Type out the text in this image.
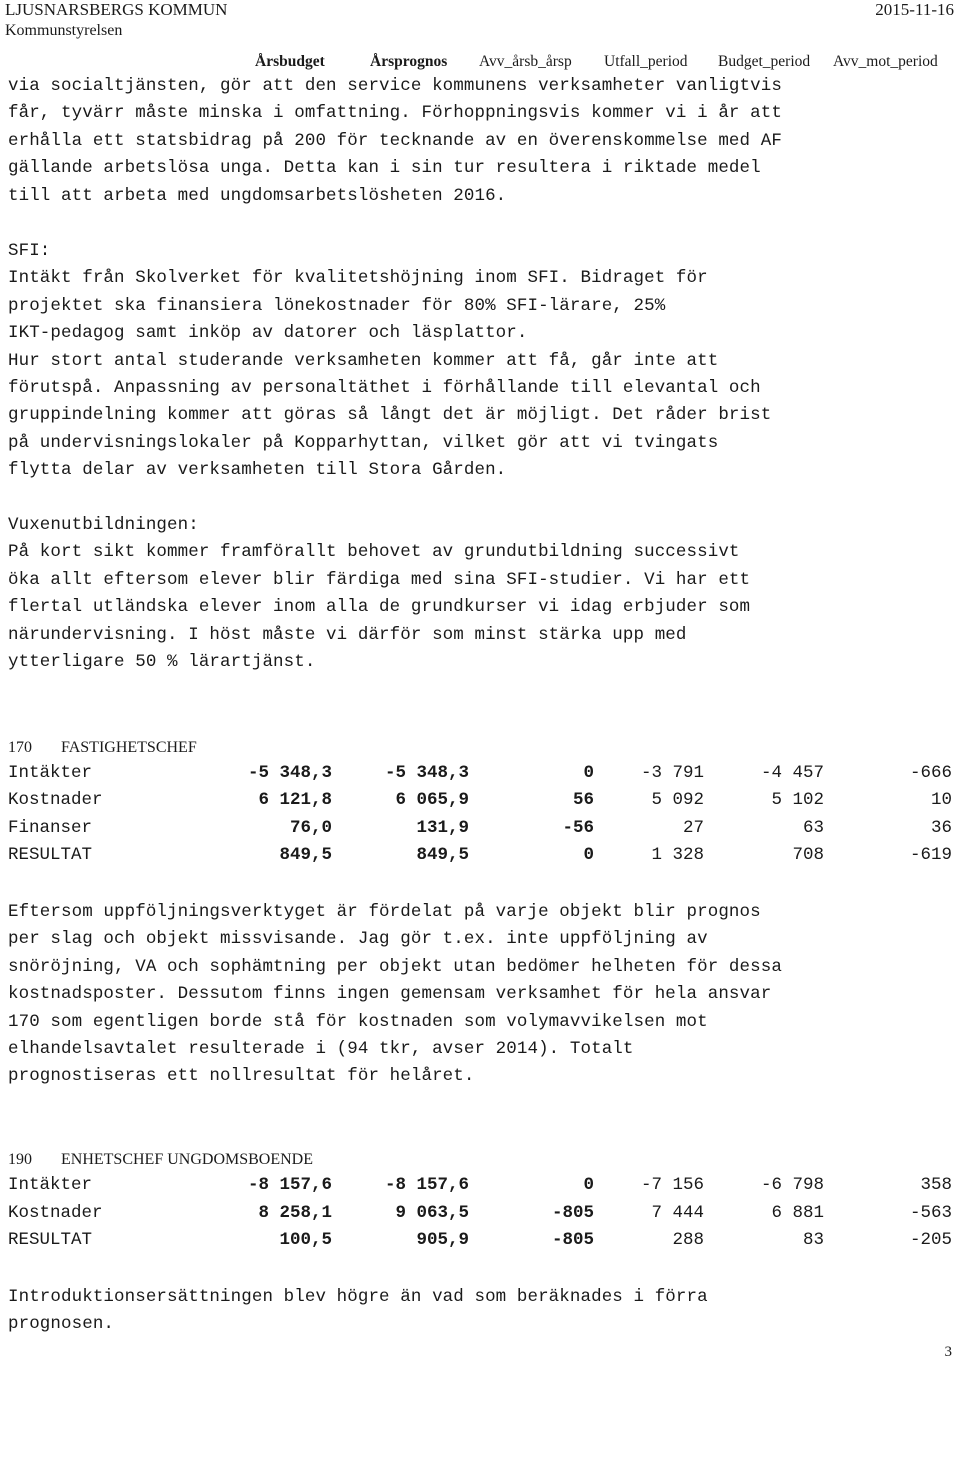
LJUSNARSBERGS KOMMUN
Kommunstyrelsen
2015-11-16
Årsbudget	Årsprognos Avv_årsb_årsp Utfall_period Budget_period Avv_mot_period
via socialtjänsten, gör att den service kommunens verksamheter vanligtvis
får, tyvärr måste minska i omfattning. Förhoppningsvis kommer vi i år att
erhålla ett statsbidrag på 200 för tecknande av en överenskommelse med AF
gällande arbetslösa unga. Detta kan i sin tur resultera i riktade medel
till att arbeta med ungdomsarbetslösheten 2016.
SFI:
Intäkt från Skolverket för kvalitetshöjning inom SFI. Bidraget för
projektet ska finansiera lönekostnader för 80% SFI-lärare, 25%
IKT-pedagog samt inköp av datorer och läsplattor.
Hur stort antal studerande verksamheten kommer att få, går inte att
förutspå. Anpassning av personaltäthet i förhållande till elevantal och
gruppindelning kommer att göras så långt det är möjligt. Det råder brist
på undervisningslokaler på Kopparhyttan, vilket gör att vi tvingats
flytta delar av verksamheten till Stora Gården.
Vuxenutbildningen:
På kort sikt kommer framförallt behovet av grundutbildning successivt
öka allt eftersom elever blir färdiga med sina SFI-studier. Vi har ett
flertal utländska elever inom alla de grundkurser vi idag erbjuder som
närundervisning. I höst måste vi därför som minst stärka upp med
ytterligare 50 % lärartjänst.
170 FASTIGHETSCHEF
Intäkter	-5 348,3	-5 348,3	0	-3 791	-4 457	-666
Kostnader	6 121,8	6 065,9	56	5 092	5 102	10
Finanser	76,0	131,9	-56	27	63	36
RESULTAT	849,5	849,5	0	1 328	708	-619
Eftersom uppföljningsverktyget är fördelat på varje objekt blir prognos
per slag och objekt missvisande. Jag gör t.ex. inte uppföljning av
snöröjning, VA och sophämtning per objekt utan bedömer helheten för dessa
kostnadsposter. Dessutom finns ingen gemensam verksamhet för hela ansvar
170 som egentligen borde stå för kostnaden som volymavvikelsen mot
elhandelsavtalet resulterade i (94 tkr, avser 2014). Totalt
prognostiseras ett nollresultat för helåret.
190 ENHETSCHEF UNGDOMSBOENDE
Intäkter	-8 157,6	-8 157,6	0	-7 156	-6 798	358
Kostnader	8 258,1	9 063,5	-805	7 444	6 881	-563
RESULTAT	100,5	905,9	-805	288	83	-205
Introduktionsersättningen blev högre än vad som beräknades i förra
prognosen.
3
